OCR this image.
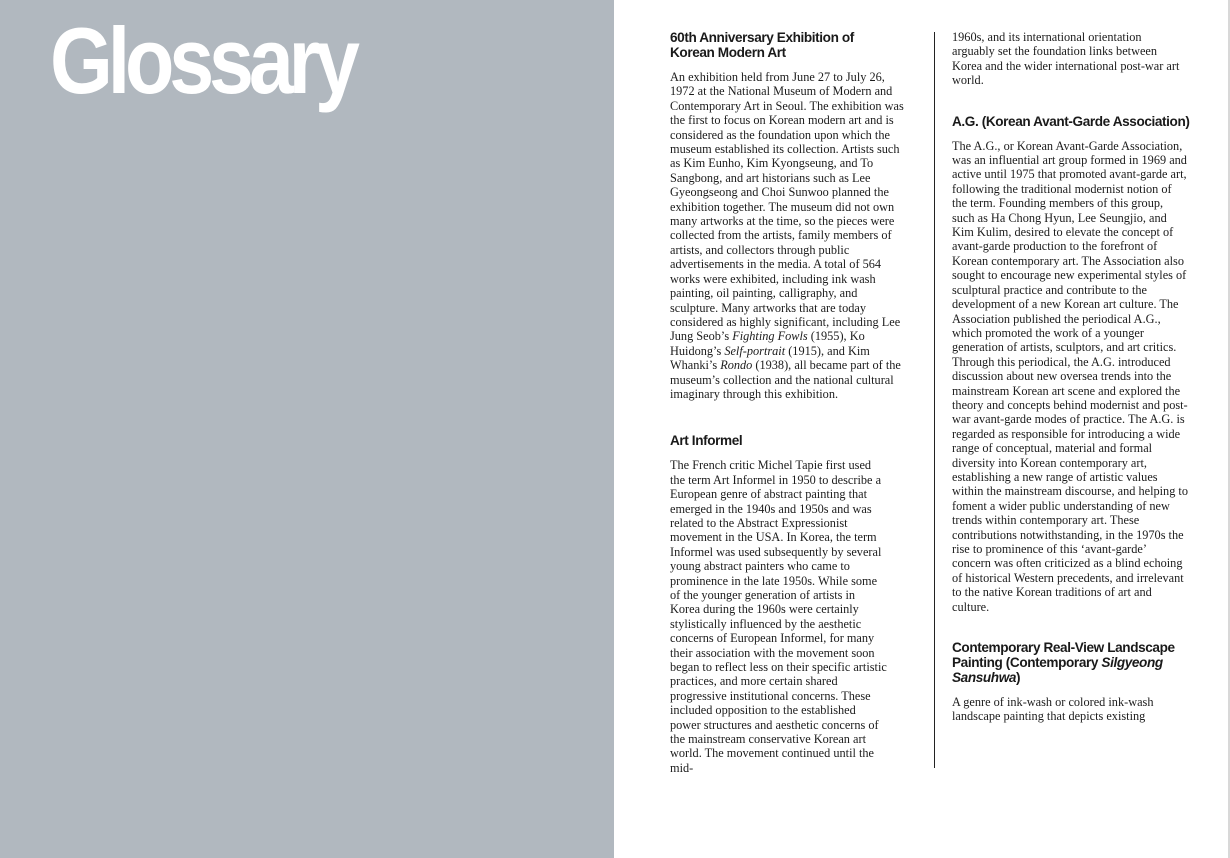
Glossary	60th Anniversary Exhibition of Korean Modern Art

An exhibition held from June 27 to July 26, 1972 at the National Museum of Modern and Contemporary Art in Seoul. The exhibition was the first to focus on Korean modern art and is considered as the foundation upon which the museum established its collection. Artists such as Kim Eunho, Kim Kyongseung, and To Sangbong, and art historians such as Lee Gyeongseong and Choi Sunwoo planned the exhibition together. The museum did not own many artworks at the time, so the pieces were collected from the artists, family members of artists, and collectors through public advertisements in the media. A total of 564 works were exhibited, including ink wash painting, oil painting, calligraphy, and sculpture. Many artworks that are today considered as highly significant, including Lee Jung Seob’s Fighting Fowls (1955), Ko Huidong’s Self-portrait (1915), and Kim Whanki’s Rondo (1938), all became part of the museum’s collection and the national cultural imaginary through this exhibition.

Art Informel

The French critic Michel Tapie first used the term Art Informel in 1950 to describe a European genre of abstract painting that emerged in the 1940s and 1950s and was related to the Abstract Expressionist movement in the USA. In Korea, the term Informel was used subsequently by several young abstract painters who came to prominence in the late 1950s. While some of the younger generation of artists in Korea during the 1960s were certainly stylistically influenced by the aesthetic concerns of European Informel, for many their association with the movement soon began to reflect less on their specific artistic practices, and more certain shared progressive institutional concerns. These included opposition to the established power structures and aesthetic concerns of the mainstream conservative Korean art world. The movement continued until the mid-

1960s, and its international orientation arguably set the foundation links between Korea and the wider international post-war art world.

A.G. (Korean Avant-Garde Association)

The A.G., or Korean Avant-Garde Association, was an influential art group formed in 1969 and active until 1975 that promoted avant-garde art, following the traditional modernist notion of the term. Founding members of this group, such as Ha Chong Hyun, Lee Seungjio, and Kim Kulim, desired to elevate the concept of avant-garde production to the forefront of Korean contemporary art. The Association also sought to encourage new experimental styles of sculptural practice and contribute to the development of a new Korean art culture. The Association published the periodical A.G., which promoted the work of a younger generation of artists, sculptors, and art critics. Through this periodical, the A.G. introduced discussion about new oversea trends into the mainstream Korean art scene and explored the theory and concepts behind modernist and post-war avant-garde modes of practice. The A.G. is regarded as responsible for introducing a wide range of conceptual, material and formal diversity into Korean contemporary art, establishing a new range of artistic values within the mainstream discourse, and helping to foment a wider public understanding of new trends within contemporary art. These contributions notwithstanding, in the 1970s the rise to prominence of this ‘avant-garde’ concern was often criticized as a blind echoing of historical Western precedents, and irrelevant to the native Korean traditions of art and culture.

Contemporary Real-View Landscape Painting (Contemporary Silgyeong Sansuhwa)

A genre of ink-wash or colored ink-wash landscape painting that depicts existing
